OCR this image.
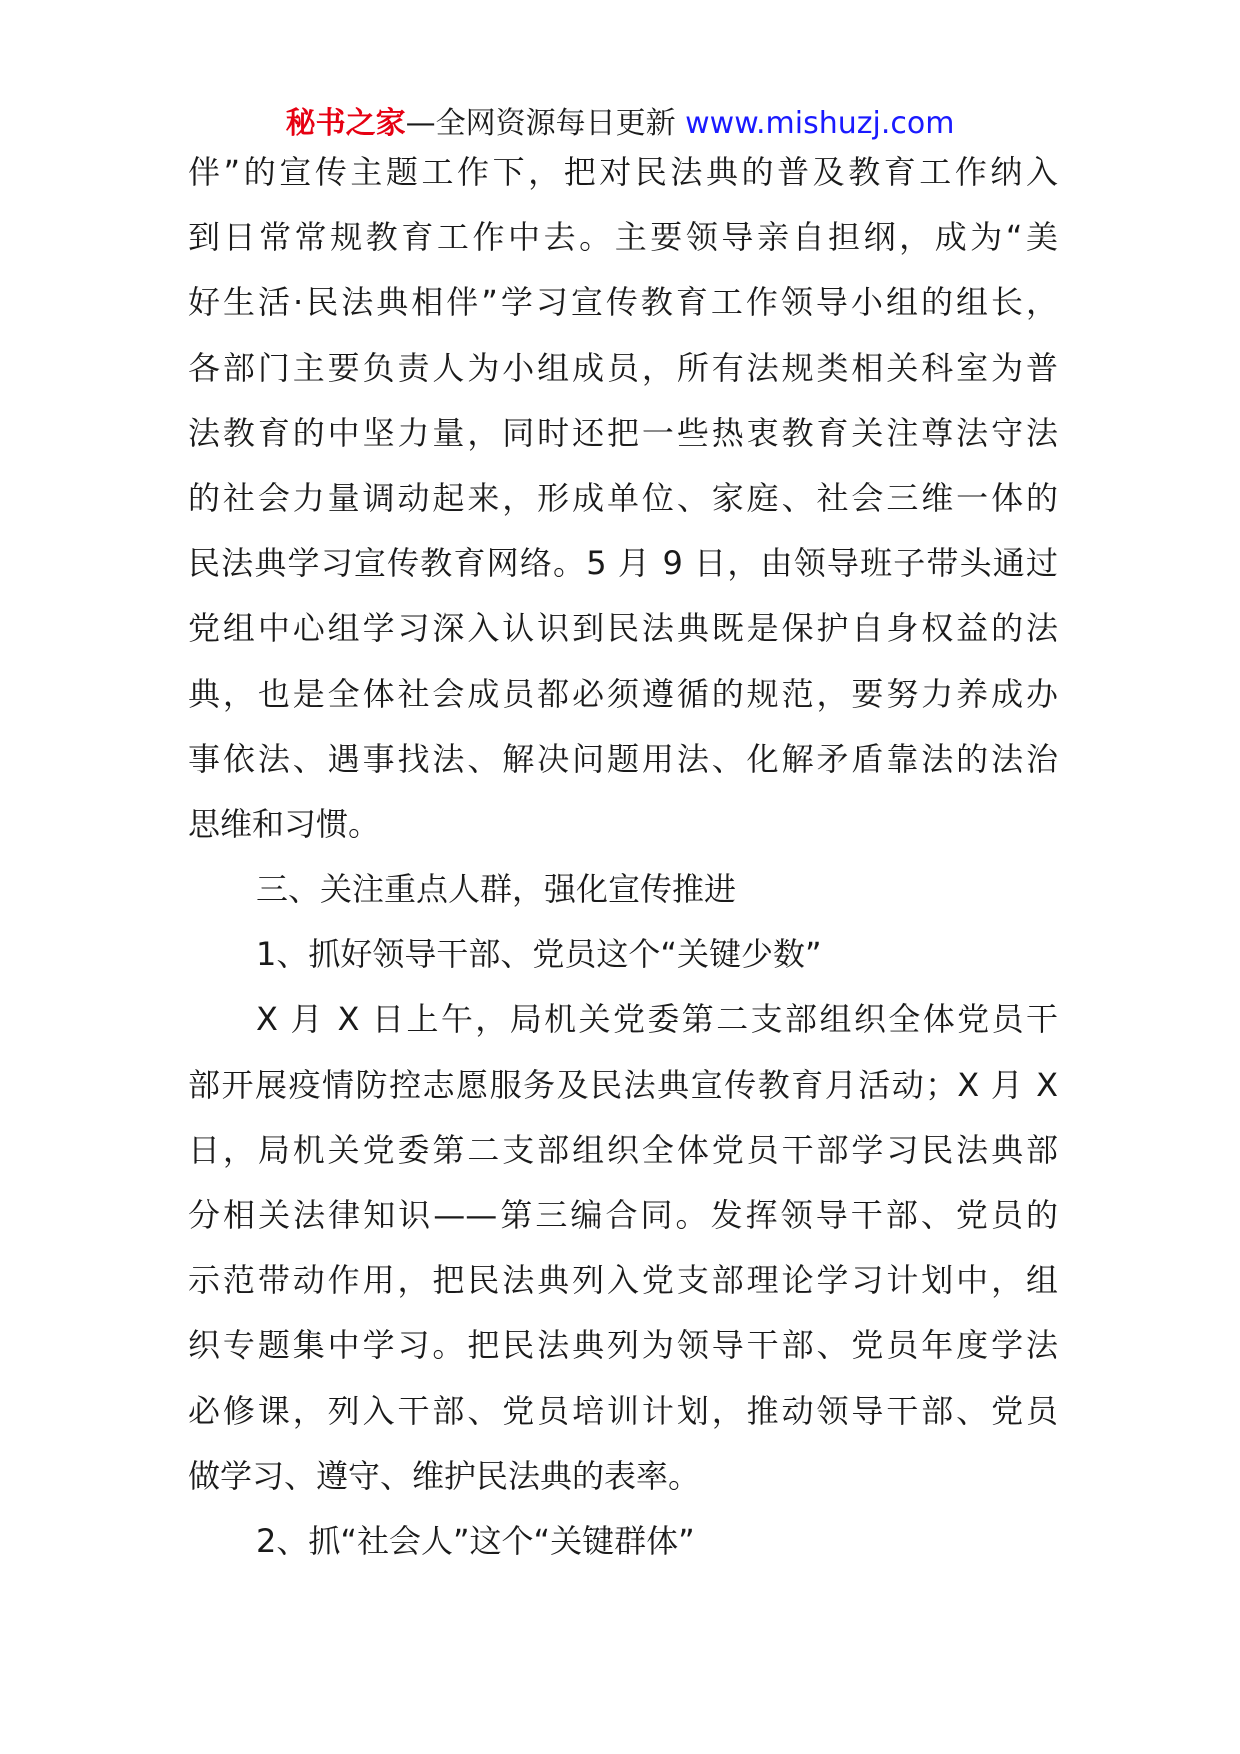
秘书之家—全网资源每日更新 www.mishuzj.com
伴”的宣传主题工作下，把对民法典的普及教育工作纳入
到日常常规教育工作中去。主要领导亲自担纲，成为“美
好生活·民法典相伴”学习宣传教育工作领导小组的组长，
各部门主要负责人为小组成员，所有法规类相关科室为普
法教育的中坚力量，同时还把一些热衷教育关注尊法守法
的社会力量调动起来，形成单位、家庭、社会三维一体的
民法典学习宣传教育网络。5 月 9 日，由领导班子带头通过
党组中心组学习深入认识到民法典既是保护自身权益的法
典，也是全体社会成员都必须遵循的规范，要努力养成办
事依法、遇事找法、解决问题用法、化解矛盾靠法的法治
思维和习惯。
三、关注重点人群，强化宣传推进
1、抓好领导干部、党员这个“关键少数”
X 月 X 日上午，局机关党委第二支部组织全体党员干
部开展疫情防控志愿服务及民法典宣传教育月活动；X 月 X
日，局机关党委第二支部组织全体党员干部学习民法典部
分相关法律知识——第三编合同。发挥领导干部、党员的
示范带动作用，把民法典列入党支部理论学习计划中，组
织专题集中学习。把民法典列为领导干部、党员年度学法
必修课，列入干部、党员培训计划，推动领导干部、党员
做学习、遵守、维护民法典的表率。
2、抓“社会人”这个“关键群体”
